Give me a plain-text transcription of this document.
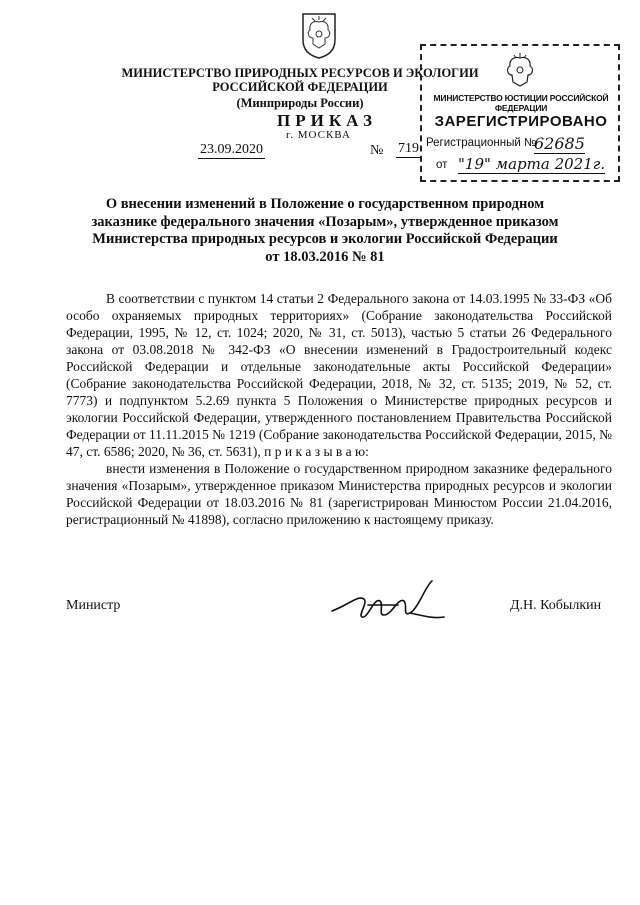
МИНИСТЕРСТВО ПРИРОДНЫХ РЕСУРСОВ И ЭКОЛОГИИ
РОССИЙСКОЙ ФЕДЕРАЦИИ
(Минприроды России)
ПРИКАЗ
г. МОСКВА
23.09.2020	№ 719
МИНИСТЕРСТВО ЮСТИЦИИ РОССИЙСКОЙ ФЕДЕРАЦИИ
ЗАРЕГИСТРИРОВАНО
Регистрационный №
62685
от "19" марта 2021г.
О внесении изменений в Положение о государственном природном
заказнике федерального значения «Позарым», утвержденное приказом
Министерства природных ресурсов и экологии Российской Федерации
от 18.03.2016 № 81

В соответствии с пунктом 14 статьи 2 Федерального закона от 14.03.1995 № 33-ФЗ «Об особо охраняемых природных территориях» (Собрание законодательства Российской Федерации, 1995, № 12, ст. 1024; 2020, № 31, ст. 5013), частью 5 статьи 26 Федерального закона от 03.08.2018 № 342-ФЗ «О внесении изменений в Градостроительный кодекс Российской Федерации и отдельные законодательные акты Российской Федерации» (Собрание законодательства Российской Федерации, 2018, № 32, ст. 5135; 2019, № 52, ст. 7773) и подпунктом 5.2.69 пункта 5 Положения о Министерстве природных ресурсов и экологии Российской Федерации, утвержденного постановлением Правительства Российской Федерации от 11.11.2015 № 1219 (Собрание законодательства Российской Федерации, 2015, № 47, ст. 6586; 2020, № 36, ст. 5631), п р и к а з ы в а ю:

внести изменения в Положение о государственном природном заказнике федерального значения «Позарым», утвержденное приказом Министерства природных ресурсов и экологии Российской Федерации от 18.03.2016 № 81 (зарегистрирован Минюстом России 21.04.2016, регистрационный № 41898), согласно приложению к настоящему приказу.

Министр	Д.Н. Кобылкин
